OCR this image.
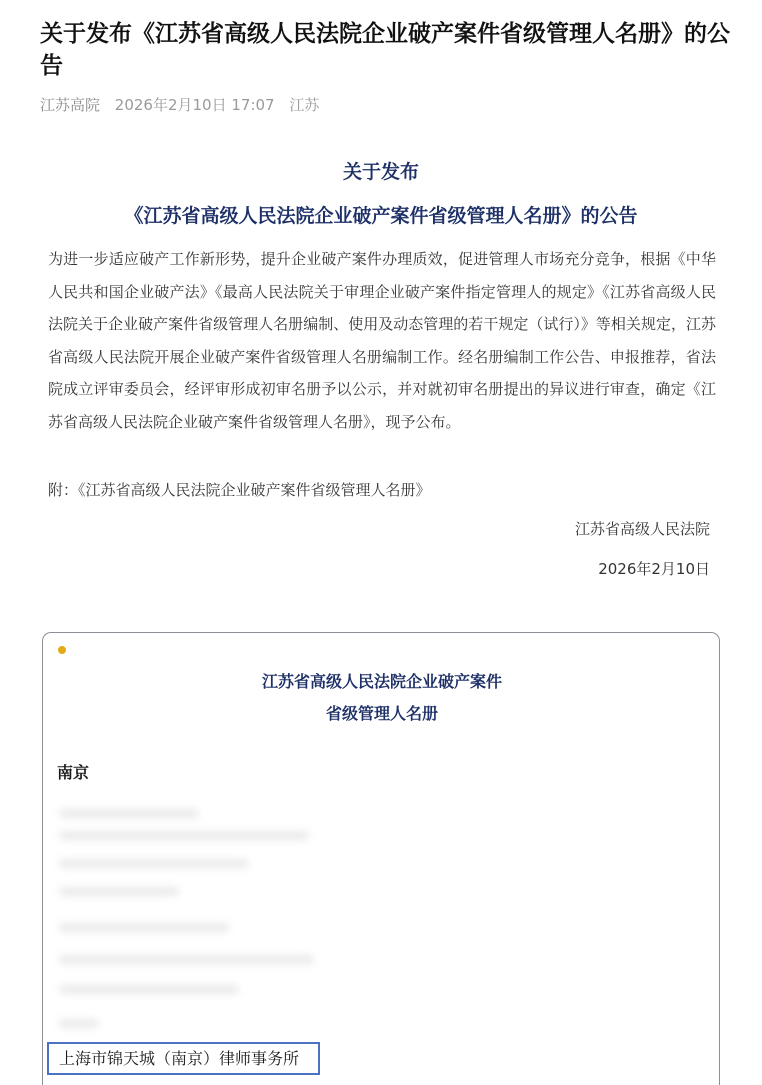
关于发布《江苏省高级人民法院企业破产案件省级管理人名册》的公告
江苏高院 2026年2月10日 17:07 江苏
关于发布
《江苏省高级人民法院企业破产案件省级管理人名册》的公告

为进一步适应破产工作新形势，提升企业破产案件办理质效，促进管理人市场充分竞争，根据《中华人民共和国企业破产法》《最高人民法院关于审理企业破产案件指定管理人的规定》《江苏省高级人民法院关于企业破产案件省级管理人名册编制、使用及动态管理的若干规定（试行）》等相关规定，江苏省高级人民法院开展企业破产案件省级管理人名册编制工作。经名册编制工作公告、申报推荐，省法院成立评审委员会，经评审形成初审名册予以公示，并对就初审名册提出的异议进行审查，确定《江苏省高级人民法院企业破产案件省级管理人名册》，现予公布。

附：《江苏省高级人民法院企业破产案件省级管理人名册》
江苏省高级人民法院
2026年2月10日
江苏省高级人民法院企业破产案件
省级管理人名册
南京
上海市锦天城（南京）律师事务所
